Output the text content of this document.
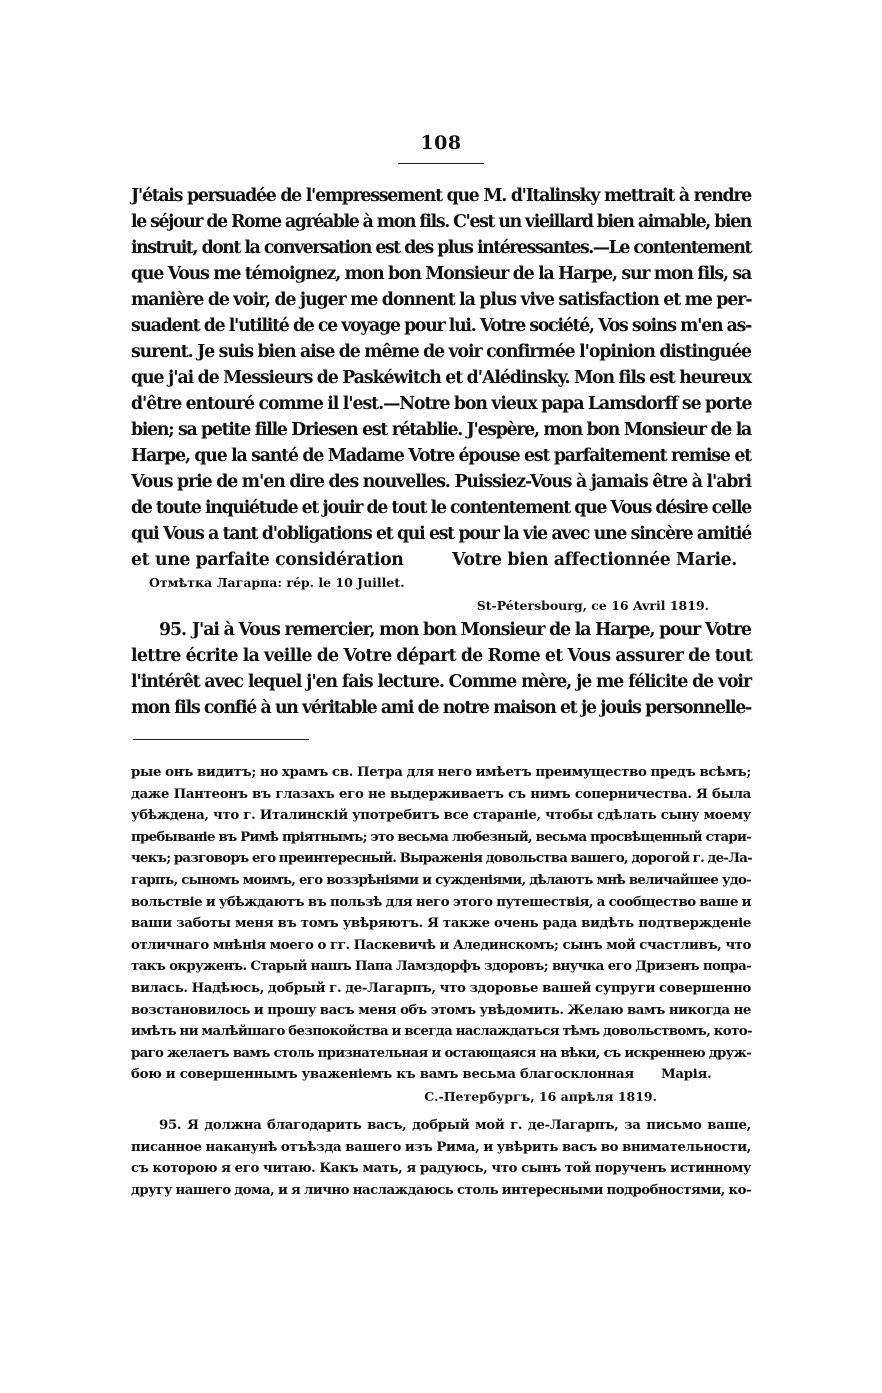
108
J'étais persuadée de l'empressement que M. d'Italinsky mettrait à rendre
le séjour de Rome agréable à mon fils. C'est un vieillard bien aimable, bien
instruit, dont la conversation est des plus intéressantes.—Le contentement
que Vous me témoignez, mon bon Monsieur de la Harpe, sur mon fils, sa
manière de voir, de juger me donnent la plus vive satisfaction et me per-
suadent de l'utilité de ce voyage pour lui. Votre société, Vos soins m'en as-
surent. Je suis bien aise de même de voir confirmée l'opinion distinguée
que j'ai de Messieurs de Paskéwitch et d'Alédinsky. Mon fils est heureux
d'être entouré comme il l'est.—Notre bon vieux papa Lamsdorff se porte
bien; sa petite fille Driesen est rétablie. J'espère, mon bon Monsieur de la
Harpe, que la santé de Madame Votre épouse est parfaitement remise et
Vous prie de m'en dire des nouvelles. Puissiez-Vous à jamais être à l'abri
de toute inquiétude et jouir de tout le contentement que Vous désire celle
qui Vous a tant d'obligations et qui est pour la vie avec une sincère amitié
et une parfaite considération	Votre bien affectionnée Marie.
Отмѣтка Лагарпа: rép. le 10 Juillet.
St-Pétersbourg, ce 16 Avril 1819.
95. J'ai à Vous remercier, mon bon Monsieur de la Harpe, pour Votre
lettre écrite la veille de Votre départ de Rome et Vous assurer de tout
l'intérêt avec lequel j'en fais lecture. Comme mère, je me félicite de voir
mon fils confié à un véritable ami de notre maison et je jouis personnelle-
рые онъ видитъ; но храмъ св. Петра для него имѣетъ преимущество предъ всѣмъ;
даже Пантеонъ въ глазахъ его не выдерживаетъ съ нимъ соперничества. Я была
убѣждена, что г. Италинскій употребитъ все стараніе, чтобы сдѣлать сыну моему
пребываніе въ Римѣ пріятнымъ; это весьма любезный, весьма просвѣщенный стари-
чекъ; разговоръ его преинтересный. Выраженія довольства вашего, дорогой г. де-Ла-
гарпъ, сыномъ моимъ, его воззрѣніями и сужденіями, дѣлаютъ мнѣ величайшее удо-
вольствіе и убѣждаютъ въ пользѣ для него этого путешествія, а сообщество ваше и
ваши заботы меня въ томъ увѣряютъ. Я также очень рада видѣть подтвержденіе
отличнаго мнѣнія моего о гг. Паскевичѣ и Алединскомъ; сынъ мой счастливъ, что
такъ окруженъ. Старый нашъ Папа Ламздорфъ здоровъ; внучка его Дризенъ попра-
вилась. Надѣюсь, добрый г. де-Лагарпъ, что здоровье вашей супруги совершенно
возстановилось и прошу васъ меня объ этомъ увѣдомить. Желаю вамъ никогда не
имѣть ни малѣйшаго безпокойства и всегда наслаждаться тѣмъ довольствомъ, кото-
раго желаетъ вамъ столь признательная и остающаяся на вѣки, съ искреннею друж-
бою и совершеннымъ уваженіемъ къ вамъ весьма благосклонная Марія.
С.-Петербургъ, 16 апрѣля 1819.
95. Я должна благодарить васъ, добрый мой г. де-Лагарпъ, за письмо ваше,
писанное наканунѣ отъѣзда вашего изъ Рима, и увѣрить васъ во внимательности,
съ которою я его читаю. Какъ мать, я радуюсь, что сынъ той порученъ истинному
другу нашего дома, и я лично наслаждаюсь столь интересными подробностями, ко-
